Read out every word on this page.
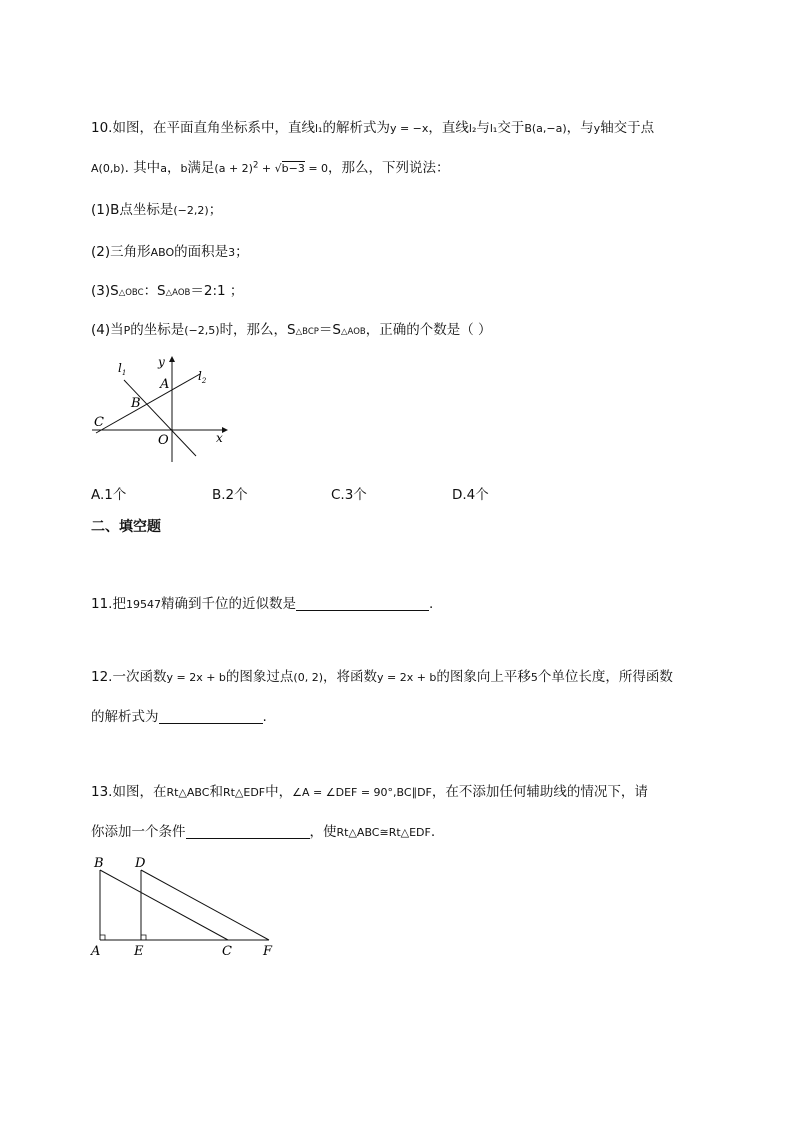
10.如图，在平面直角坐标系中，直线l₁的解析式为y = −x，直线l₂与l₁交于B(a,−a)，与y轴交于点
A(0,b). 其中a，b满足$(a + 2)^2 + √b-3 = 0$，那么，下列说法：
(1)B点坐标是(−2,2)；
(2)三角形ABO的面积是3；
(3)S△OBC：S△AOB＝2:1 ；
(4)当P的坐标是(−2,5)时，那么，S△BCP＝S△AOB，正确的个数是（ ）
$l_1$	$l_2$
y
x
A
B
C
O
A.1个	B.2个	C.3个	D.4个
二、填空题
11.把19547精确到千位的近似数是	.
12.一次函数y = 2x + b的图象过点(0, 2)，将函数y = 2x + b的图象向上平移5个单位长度，所得函数
的解析式为	.
13.如图，在Rt△ABC和Rt△EDF中，∠A = ∠DEF = 90°,BC∥DF，在不添加任何辅助线的情况下，请
你添加一个条件	，使Rt△ABC≅Rt△EDF.
B D
A	E	C F
